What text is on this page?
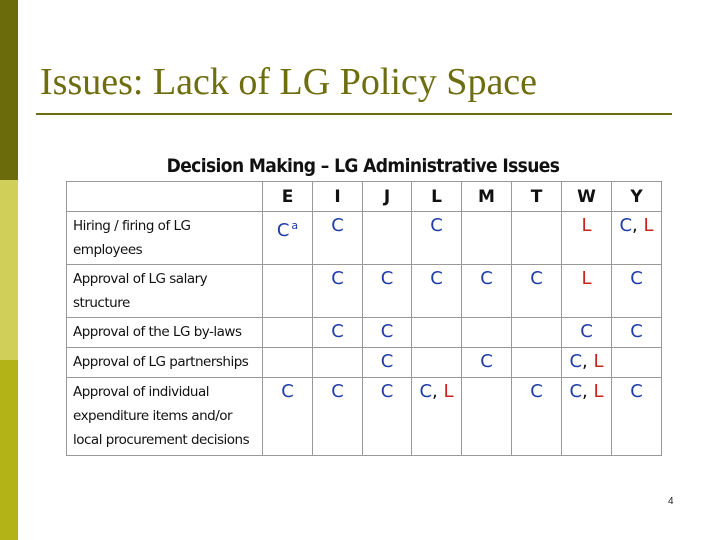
Issues: Lack of LG Policy Space
Decision Making – LG Administrative Issues
	E	I	J	L	M	T	W	Y
Hiring / firing of LG employees	C $^a$	C		C			L	C, L
Approval of LG salary structure		C	C	C	C	C	L	C
Approval of the LG by-laws		C	C				C	C
Approval of LG partnerships			C		C		C, L	
Approval of individual expenditure items and/or local procurement decisions	C	C	C	C, L		C	C, L	C
4
